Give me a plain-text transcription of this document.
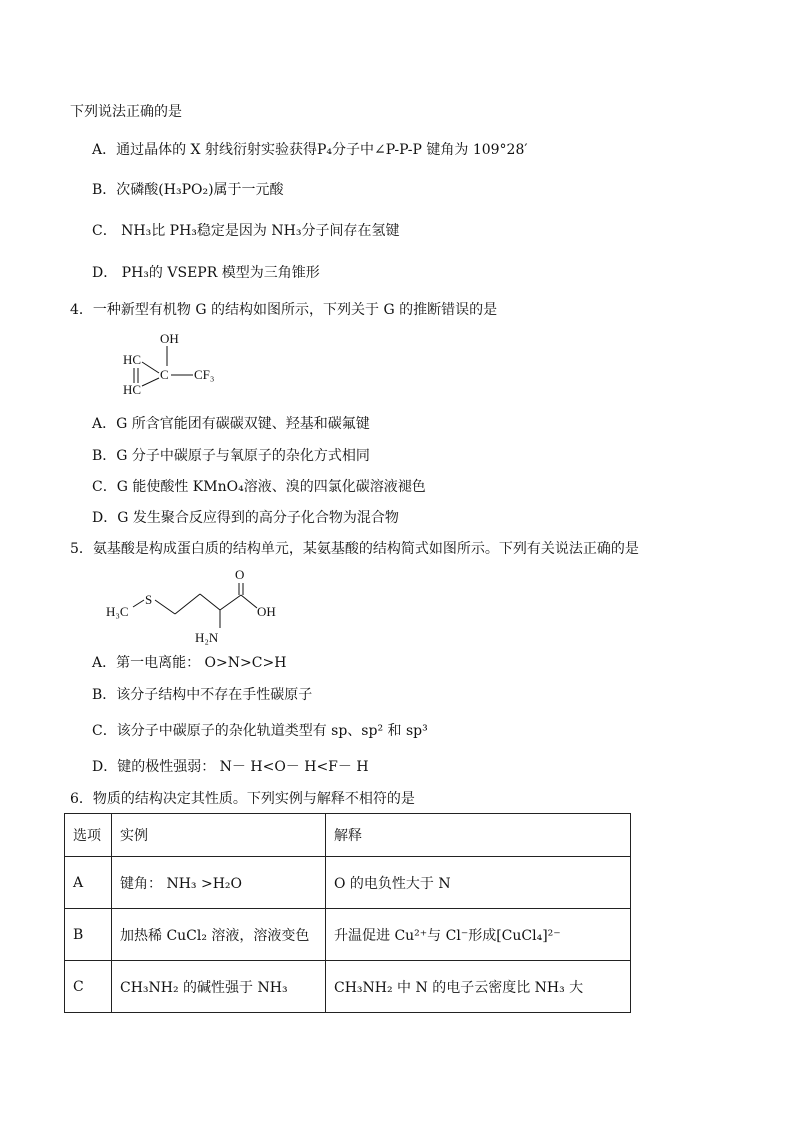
下列说法正确的是
A．通过晶体的 X 射线衍射实验获得P₄分子中∠P-P-P 键角为 109°28′
B．次磷酸(H₃PO₂)属于一元酸
C． NH₃比 PH₃稳定是因为 NH₃分子间存在氢键
D． PH₃的 VSEPR 模型为三角锥形
4．一种新型有机物 G 的结构如图所示，下列关于 G 的推断错误的是
OH
HC
HC
C CF₃
A．G 所含官能团有碳碳双键、羟基和碳氟键
B．G 分子中碳原子与氧原子的杂化方式相同
C．G 能使酸性 KMnO₄溶液、溴的四氯化碳溶液褪色
D．G 发生聚合反应得到的高分子化合物为混合物
5．氨基酸是构成蛋白质的结构单元，某氨基酸的结构简式如图所示。下列有关说法正确的是
H₃C
S
O
OH
H₂N
A．第一电离能： O>N>C>H
B．该分子结构中不存在手性碳原子
C．该分子中碳原子的杂化轨道类型有 sp、sp² 和 sp³
D．键的极性强弱： N－ H<O－ H<F－ H
6．物质的结构决定其性质。下列实例与解释不相符的是
选项	实例	解释
A	键角： NH₃ >H₂O	O 的电负性大于 N
B	加热稀 CuCl₂ 溶液，溶液变色	升温促进 Cu²⁺与 Cl⁻形成[CuCl₄]²⁻
C	CH₃NH₂ 的碱性强于 NH₃	CH₃NH₂ 中 N 的电子云密度比 NH₃ 大
